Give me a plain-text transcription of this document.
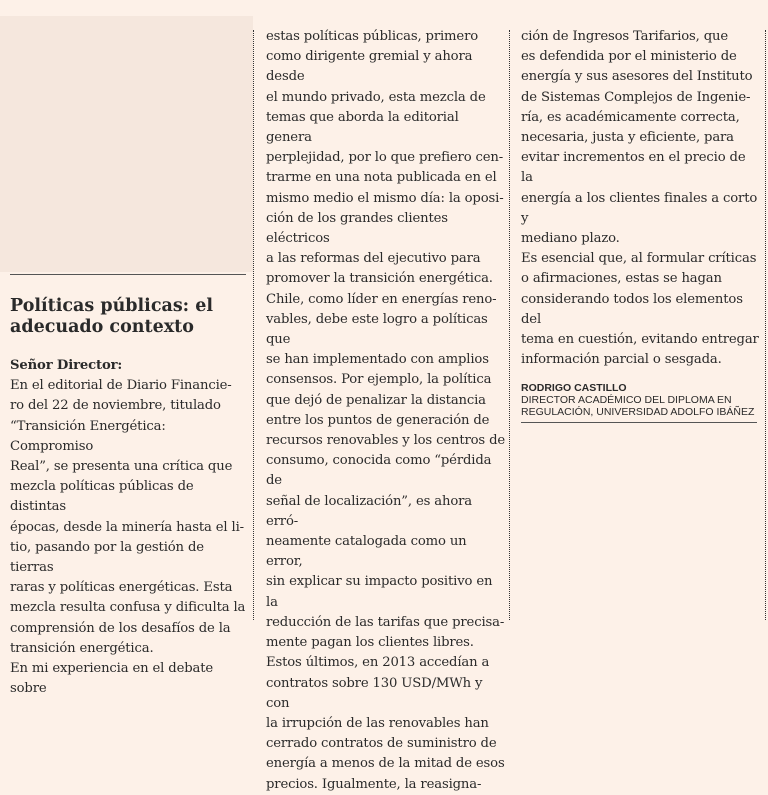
Políticas públicas: el
adecuado contexto
Señor Director:

En el editorial de Diario Financie-
ro del 22 de noviembre, titulado
“Transición Energética: Compromiso
Real”, se presenta una crítica que
mezcla políticas públicas de distintas
épocas, desde la minería hasta el li-
tio, pasando por la gestión de tierras
raras y políticas energéticas. Esta
mezcla resulta confusa y dificulta la
comprensión de los desafíos de la
transición energética.
En mi experiencia en el debate sobre

estas políticas públicas, primero
como dirigente gremial y ahora desde
el mundo privado, esta mezcla de
temas que aborda la editorial genera
perplejidad, por lo que prefiero cen-
trarme en una nota publicada en el
mismo medio el mismo día: la oposi-
ción de los grandes clientes eléctricos
a las reformas del ejecutivo para
promover la transición energética.
Chile, como líder en energías reno-
vables, debe este logro a políticas que
se han implementado con amplios
consensos. Por ejemplo, la política
que dejó de penalizar la distancia
entre los puntos de generación de
recursos renovables y los centros de
consumo, conocida como “pérdida de
señal de localización”, es ahora erró-
neamente catalogada como un error,
sin explicar su impacto positivo en la
reducción de las tarifas que precisa-
mente pagan los clientes libres.
Estos últimos, en 2013 accedían a
contratos sobre 130 USD/MWh y con
la irrupción de las renovables han
cerrado contratos de suministro de
energía a menos de la mitad de esos
precios. Igualmente, la reasigna-

ción de Ingresos Tarifarios, que
es defendida por el ministerio de
energía y sus asesores del Instituto
de Sistemas Complejos de Ingenie-
ría, es académicamente correcta,
necesaria, justa y eficiente, para
evitar incrementos en el precio de la
energía a los clientes finales a corto y
mediano plazo.
Es esencial que, al formular críticas
o afirmaciones, estas se hagan
considerando todos los elementos del
tema en cuestión, evitando entregar
información parcial o sesgada.

RODRIGO CASTILLO
DIRECTOR ACADÉMICO DEL DIPLOMA EN
REGULACIÓN, UNIVERSIDAD ADOLFO IBÁÑEZ
